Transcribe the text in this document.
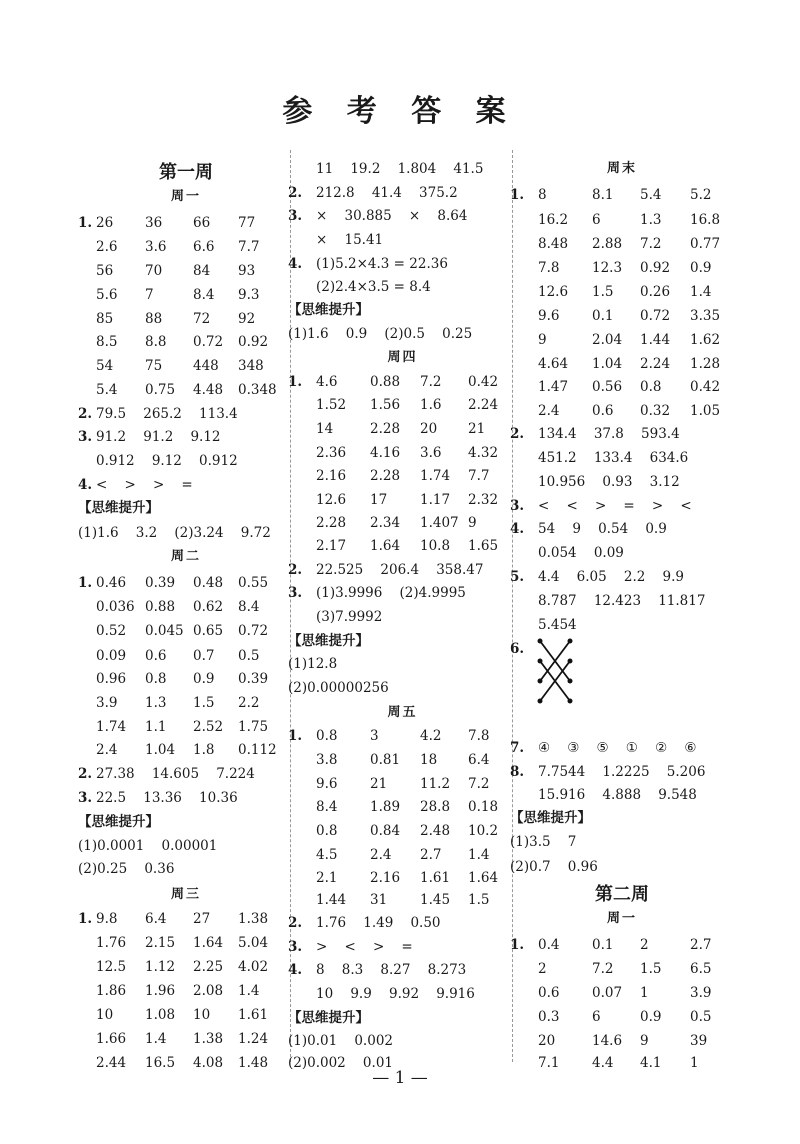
参 考 答 案
第一周
周一
1. 26 36 66 77
2.6 3.6 6.6 7.7
56 70 84 93
5.6 7	8.4 9.3
85 88 72 92
8.5 8.8 0.72 0.92
54 75 448 348
5.4 0.75 4.48 0.348
2. 79.5    265.2    113.4
3. 91.2    91.2    9.12
0.912    9.12    0.912
4. <    >    >    =
【思维提升】
(1)1.6    3.2    (2)3.24    9.72
周二
1. 0.46 0.39 0.48 0.55
0.036 0.88 0.62 8.4
0.52 0.045 0.65 0.72
0.09 0.6 0.7 0.5
0.96 0.8 0.9 0.39
3.9 1.3 1.5 2.2
1.74 1.1 2.52 1.75
2.4 1.04 1.8 0.112
2. 27.38    14.605    7.224
3. 22.5    13.36    10.36
【思维提升】
(1)0.0001    0.00001
(2)0.25    0.36
周三
1. 9.8 6.4 27 1.38
1.76 2.15 1.64 5.04
12.5 1.12 2.25 4.02
1.86 1.96 2.08 1.4
10 1.08 10 1.61
1.66 1.4 1.38 1.24
2.44 16.5 4.08 1.48
11    19.2    1.804    41.5
2. 212.8    41.4    375.2
3. ×    30.885    ×    8.64
×    15.41
4. (1)5.2×4.3 = 22.36
(2)2.4×3.5 = 8.4
【思维提升】
(1)1.6    0.9    (2)0.5    0.25
周四
1. 4.6 0.88 7.2 0.42
1.52 1.56 1.6 2.24
14	2.28 20 21
2.36 4.16 3.6 4.32
2.16 2.28 1.74 7.7
12.6 17 1.17 2.32
2.28 2.34 1.407 9
2.17 1.64 10.8 1.65
2. 22.525    206.4    358.47
3. (1)3.9996    (2)4.9995
(3)7.9992
【思维提升】
(1)12.8
(2)0.00000256
周五
1. 0.8 3	4.2 7.8
3.8 0.81 18 6.4
9.6 21 11.2 7.2
8.4 1.89 28.8 0.18
0.8 0.84 2.48 10.2
4.5 2.4 2.7 1.4
2.1 2.16 1.61 1.64
1.44 31 1.45 1.5
2. 1.76    1.49    0.50
3. >    <    >    =
4. 8    8.3    8.27    8.273
10    9.9    9.92    9.916
【思维提升】
(1)0.01    0.002
(2)0.002    0.01
周末
1. 8	8.1 5.4 5.2
16.2 6	1.3 16.8
8.48 2.88 7.2 0.77
7.8 12.3 0.92 0.9
12.6 1.5 0.26 1.4
9.6 0.1 0.72 3.35
9	2.04 1.44 1.62
4.64 1.04 2.24 1.28
1.47 0.56 0.8 0.42
2.4 0.6 0.32 1.05
2. 134.4    37.8    593.4
451.2    133.4    634.6
10.956    0.93    3.12
3. <    <    >    =    >    <
4. 54    9    0.54    0.9
0.054    0.09
5. 4.4    6.05    2.2    9.9
8.787    12.423    11.817
5.454
6.
7. ④    ③    ⑤    ①    ②    ⑥
8. 7.7544    1.2225    5.206
15.916    4.888    9.548
【思维提升】
(1)3.5    7
(2)0.7    0.96
第二周
周一
1. 0.4 0.1 2	2.7
2	7.2 1.5 6.5
0.6 0.07 1	3.9
0.3 6	0.9 0.5
20	14.6 9	39
7.1 4.4 4.1 1
— 1 —
